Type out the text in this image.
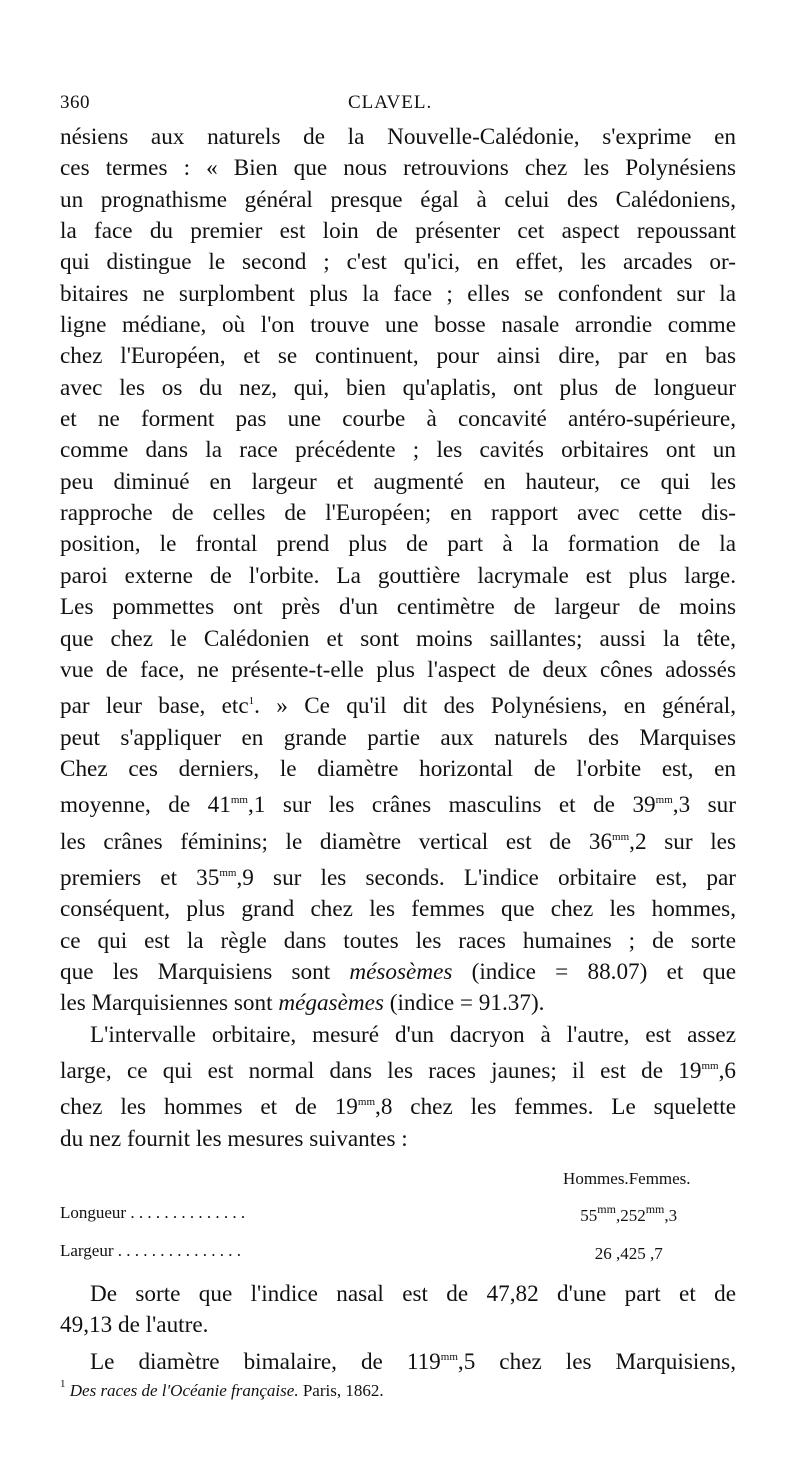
360	CLAVEL.
nésiens aux naturels de la Nouvelle-Calédonie, s'exprime en
ces termes : « Bien que nous retrouvions chez les Polynésiens
un prognathisme général presque égal à celui des Calédoniens,
la face du premier est loin de présenter cet aspect repoussant
qui distingue le second ; c'est qu'ici, en effet, les arcades or-
bitaires ne surplombent plus la face ; elles se confondent sur la
ligne médiane, où l'on trouve une bosse nasale arrondie comme
chez l'Européen, et se continuent, pour ainsi dire, par en bas
avec les os du nez, qui, bien qu'aplatis, ont plus de longueur
et ne forment pas une courbe à concavité antéro-supérieure,
comme dans la race précédente ; les cavités orbitaires ont un
peu diminué en largeur et augmenté en hauteur, ce qui les
rapproche de celles de l'Européen; en rapport avec cette dis-
position, le frontal prend plus de part à la formation de la
paroi externe de l'orbite. La gouttière lacrymale est plus large.
Les pommettes ont près d'un centimètre de largeur de moins
que chez le Calédonien et sont moins saillantes; aussi la tête,
vue de face, ne présente-t-elle plus l'aspect de deux cônes adossés
par leur base, etc$^1$. » Ce qu'il dit des Polynésiens, en général,
peut s'appliquer en grande partie aux naturels des Marquises
Chez ces derniers, le diamètre horizontal de l'orbite est, en
moyenne, de $41^{mm},1$ sur les crânes masculins et de $39^{mm},3$ sur
les crânes féminins; le diamètre vertical est de $36^{mm},2$ sur les
premiers et $35^{mm},9$ sur les seconds. L'indice orbitaire est, par
conséquent, plus grand chez les femmes que chez les hommes,
ce qui est la règle dans toutes les races humaines ; de sorte
que les Marquisiens sont mésosèmes (indice = 88.07) et que
les Marquisiennes sont mégasèmes (indice = 91.37).
L'intervalle orbitaire, mesuré d'un dacryon à l'autre, est assez
large, ce qui est normal dans les races jaunes; il est de $19^{mm},6$
chez les hommes et de $19^{mm},8$ chez les femmes. Le squelette
du nez fournit les mesures suivantes :
	Hommes.	Femmes.
Longueur . . . . . . . . . . . . . .	$55^{mm},2$	$52^{mm},3$
Largeur . . . . . . . . . . . . . . .	26 ,4	25 ,7
De sorte que l'indice nasal est de 47,82 d'une part et de
49,13 de l'autre.
Le diamètre bimalaire, de $119^{mm},5$ chez les Marquisiens,
$^1$ Des races de l'Océanie française. Paris, 1862.
